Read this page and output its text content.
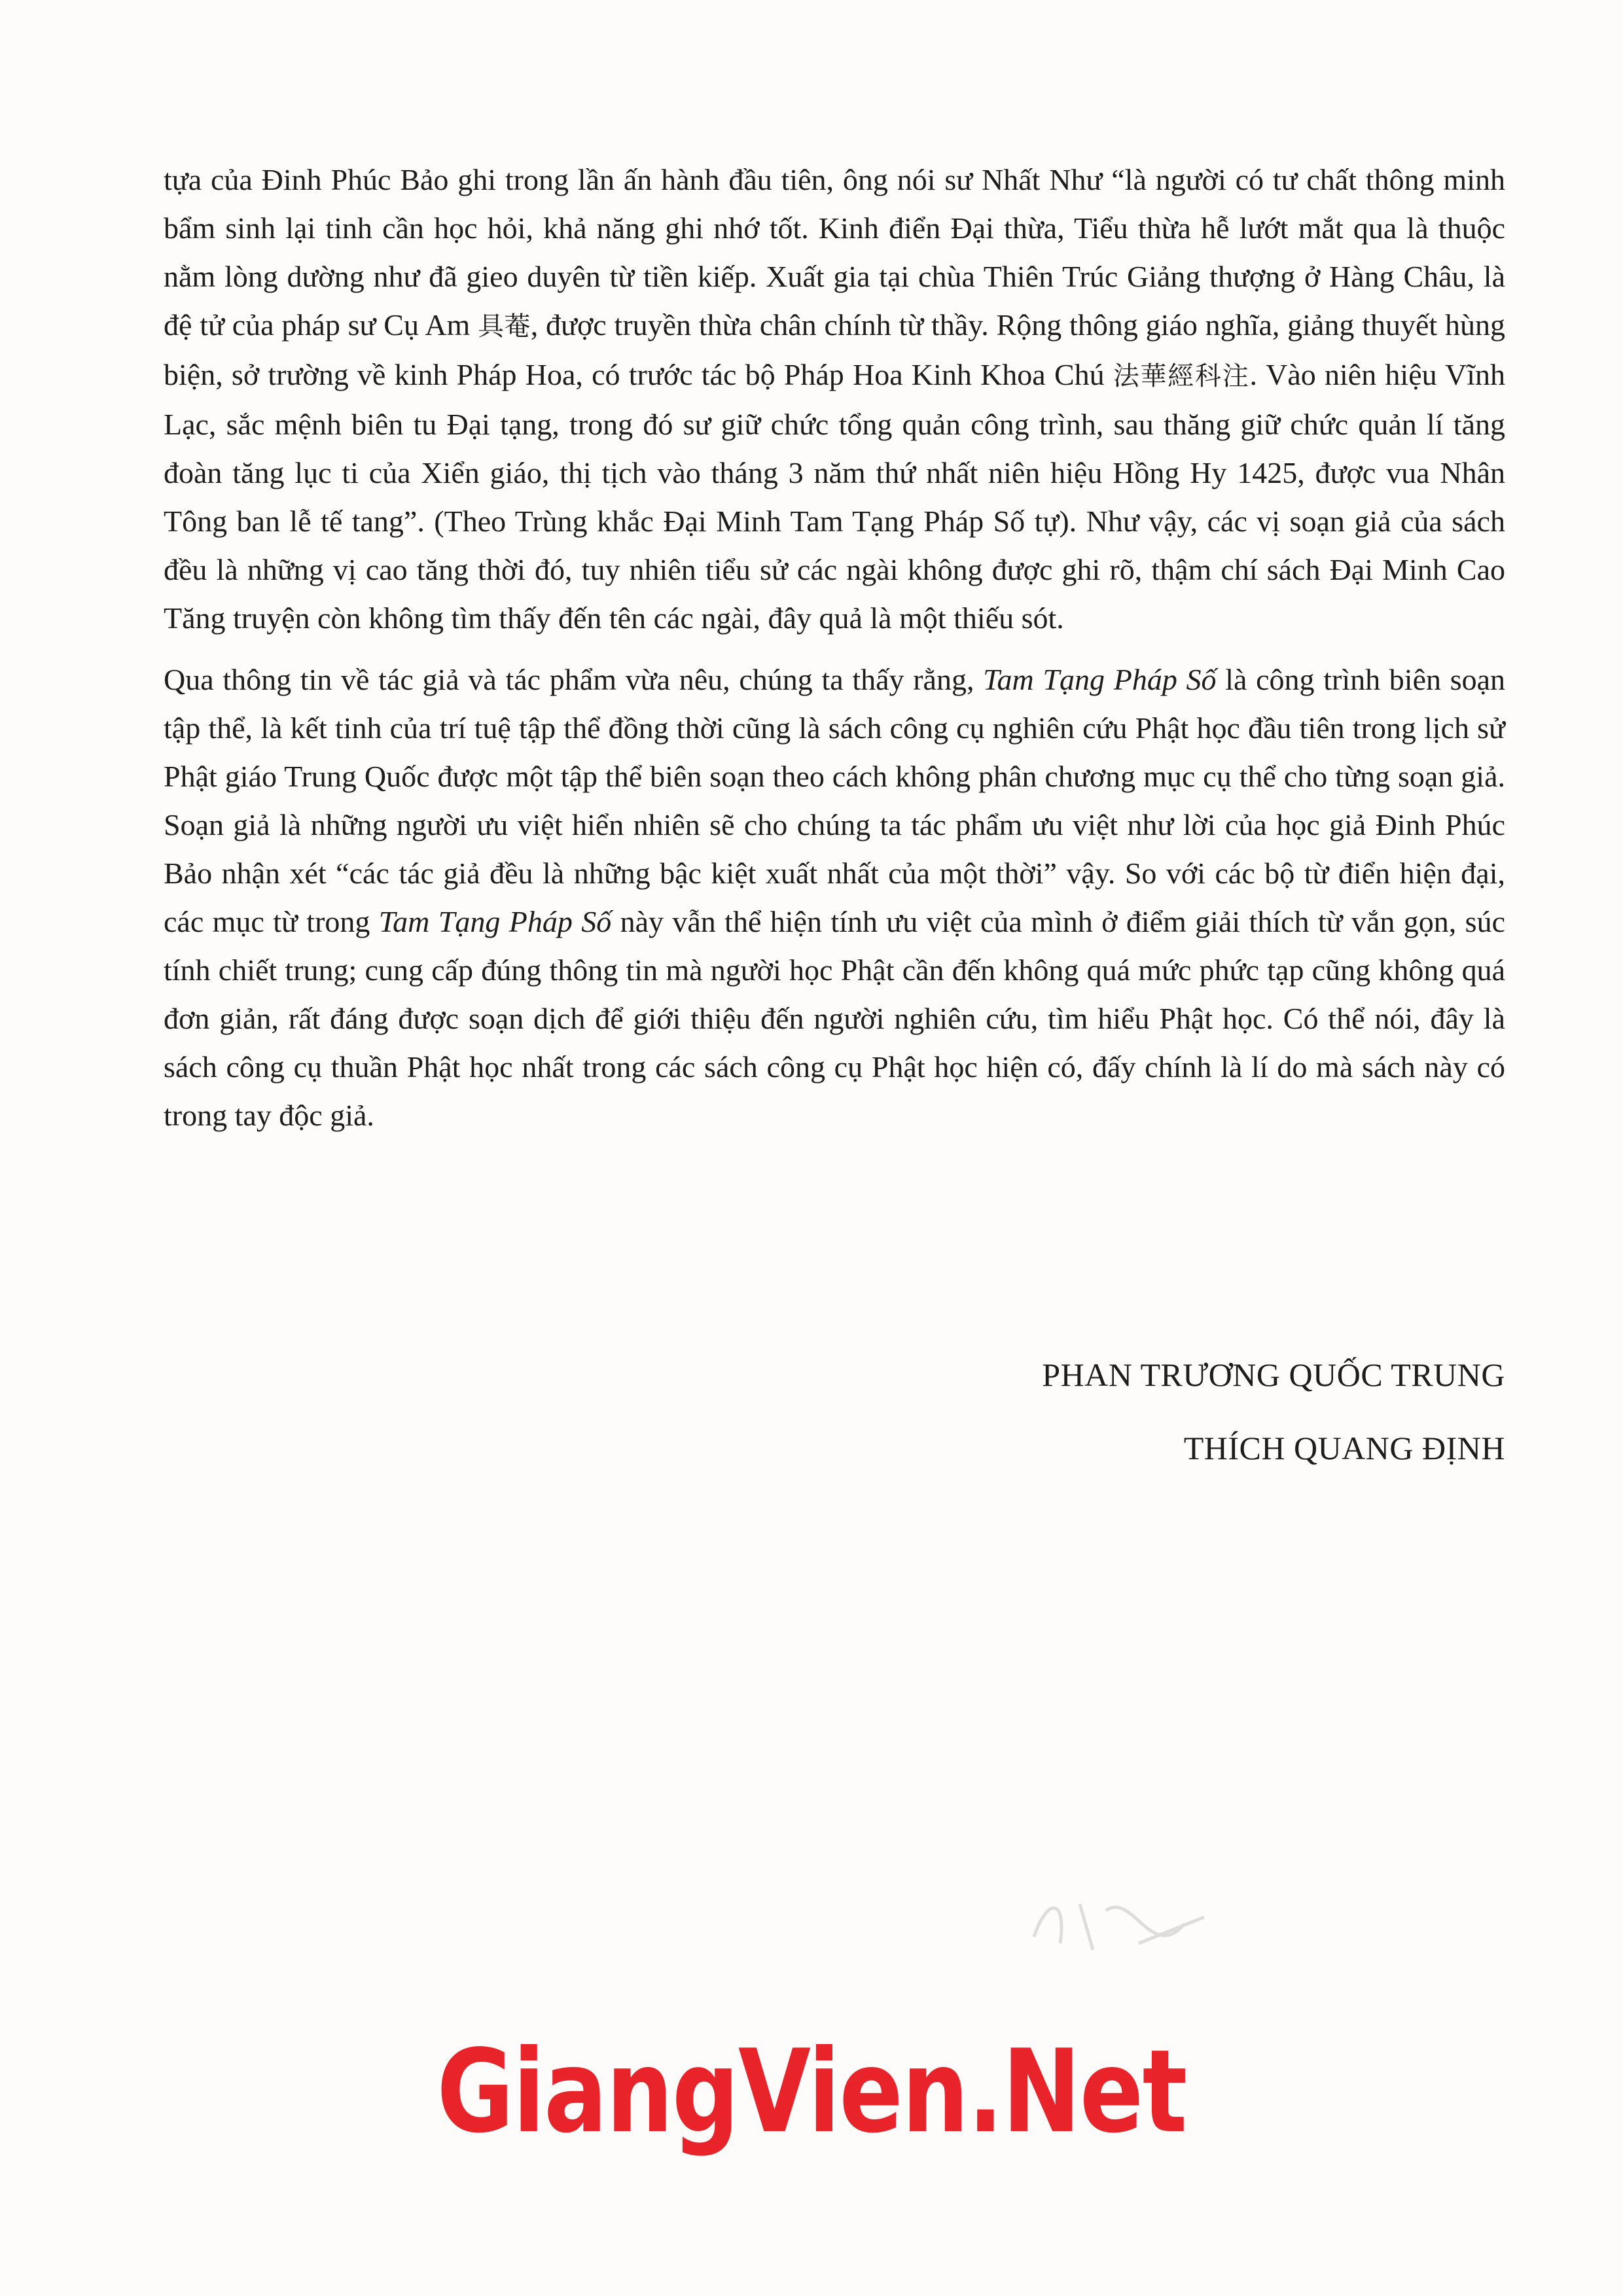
tựa của Đinh Phúc Bảo ghi trong lần ấn hành đầu tiên, ông nói sư Nhất Như “là người có tư chất thông minh bẩm sinh lại tinh cần học hỏi, khả năng ghi nhớ tốt. Kinh điển Đại thừa, Tiểu thừa hễ lướt mắt qua là thuộc nằm lòng dường như đã gieo duyên từ tiền kiếp. Xuất gia tại chùa Thiên Trúc Giảng thượng ở Hàng Châu, là đệ tử của pháp sư Cụ Am 具菴, được truyền thừa chân chính từ thầy. Rộng thông giáo nghĩa, giảng thuyết hùng biện, sở trường về kinh Pháp Hoa, có trước tác bộ Pháp Hoa Kinh Khoa Chú 法華經科注. Vào niên hiệu Vĩnh Lạc, sắc mệnh biên tu Đại tạng, trong đó sư giữ chức tổng quản công trình, sau thăng giữ chức quản lí tăng đoàn tăng lục ti của Xiển giáo, thị tịch vào tháng 3 năm thứ nhất niên hiệu Hồng Hy 1425, được vua Nhân Tông ban lễ tế tang”. (Theo Trùng khắc Đại Minh Tam Tạng Pháp Số tự). Như vậy, các vị soạn giả của sách đều là những vị cao tăng thời đó, tuy nhiên tiểu sử các ngài không được ghi rõ, thậm chí sách Đại Minh Cao Tăng truyện còn không tìm thấy đến tên các ngài, đây quả là một thiếu sót.

Qua thông tin về tác giả và tác phẩm vừa nêu, chúng ta thấy rằng, Tam Tạng Pháp Số là công trình biên soạn tập thể, là kết tinh của trí tuệ tập thể đồng thời cũng là sách công cụ nghiên cứu Phật học đầu tiên trong lịch sử Phật giáo Trung Quốc được một tập thể biên soạn theo cách không phân chương mục cụ thể cho từng soạn giả. Soạn giả là những người ưu việt hiển nhiên sẽ cho chúng ta tác phẩm ưu việt như lời của học giả Đinh Phúc Bảo nhận xét “các tác giả đều là những bậc kiệt xuất nhất của một thời” vậy. So với các bộ từ điển hiện đại, các mục từ trong Tam Tạng Pháp Số này vẫn thể hiện tính ưu việt của mình ở điểm giải thích từ vắn gọn, súc tính chiết trung; cung cấp đúng thông tin mà người học Phật cần đến không quá mức phức tạp cũng không quá đơn giản, rất đáng được soạn dịch để giới thiệu đến người nghiên cứu, tìm hiểu Phật học. Có thể nói, đây là sách công cụ thuần Phật học nhất trong các sách công cụ Phật học hiện có, đấy chính là lí do mà sách này có trong tay độc giả.

PHAN TRƯƠNG QUỐC TRUNG
THÍCH QUANG ĐỊNH
GiangVien.Net
